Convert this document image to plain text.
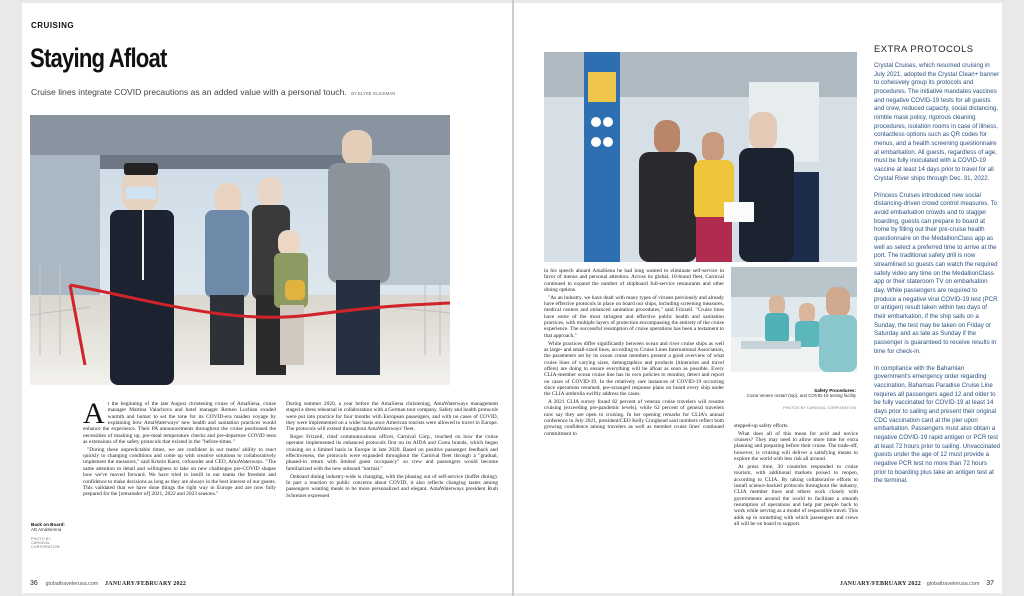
CRUISING
Staying Afloat
Cruise lines integrate COVID precautions as an added value with a personal touch. BY ELYSE GLICKMAN
Back on Board:
AD AmaSerena
PHOTO BY CARNIVAL CORPORATION

At the beginning of the late August christening cruise of AmaSiena, cruise manager Martina Valachova and hotel manager Romeo Luchian exuded warmth and humor to set the tone for its COVID-era maiden voyage by explaining how AmaWaterways' new health and sanitation practices would enhance the experience. Their PA announcements throughout the cruise positioned the necessities of masking up, pre-meal temperature checks and pre-departure COVID tests as extensions of the safety protocols that existed in the "before-times."

"During these unpredictable times, we are confident in our teams' ability to react quickly to changing conditions and come up with creative solutions to collaboratively implement the measures," said Kristin Karst, cofounder and CEO, AmaWaterways. "The same attention to detail and willingness to take on new challenges pre-COVID shapes how we've moved forward. We have tried to instill in our teams the freedom and confidence to make decisions as long as they are always in the best interest of our guests. This validated that we have done things the right way in Europe and are now fully prepared for the [remainder of] 2021, 2022 and 2023 seasons."

During summer 2020, a year before the AmaSiena christening, AmaWaterways management staged a dress rehearsal in collaboration with a German tour company. Safety and health protocols were put into practice for four months with European passengers, and with no cases of COVID, they were implemented on a wider basis once American tourists were allowed to travel to Europe. The protocols will extend throughout AmaWaterways' fleet.

Roger Frizzell, chief communications officer, Carnival Corp., touched on how the cruise operator implemented its enhanced protocols first on its AIDA and Costa brands, which began cruising on a limited basis in Europe in late 2020. Based on positive passenger feedback and effectiveness, the protocols were expanded throughout the Carnival fleet through a "gradual, phased-in return with limited guest occupancy" so crew and passengers would become familiarized with the new onboard "normal."

Onboard dining industry-wide is changing, with the phasing out of self-service (buffet dining). In part a reaction to public concerns about COVID, it also reflects changing tastes among passengers wanting meals to be more personalized and elegant. AmaWaterways president Rudi Schreiner expressed

36 globaltravelerusa.com JANUARY/FEBRUARY 2022
Safety Procedures:
Costa Venere restart (top), and COVID-19 testing facility
PHOTOS BY CARNIVAL CORPORATION

in his speech aboard AmaSiena he had long wanted to eliminate self-service in favor of menus and personal attention. Across its global, 10-brand fleet, Carnival continued to expand the number of shipboard full-service restaurants and other dining options.

"As an industry, we have dealt with many types of viruses previously and already have effective protocols in place on board our ships, including screening measures, medical centers and enhanced sanitation procedures," said Frizzell. "Cruise lines have some of the most stringent and effective public health and sanitation practices, with multiple layers of protection encompassing the entirety of the cruise experience. The successful resumption of cruise operations has been a testament to that approach."

While practices differ significantly between ocean and river cruise ships as well as large- and small-sized lines, according to Cruise Lines International Association, the parameters set by its ocean cruise members present a good overview of what cruise lines of varying sizes, demographics and products (itineraries and travel offers) are doing to ensure everything will be afloat as soon as possible. Every CLIA-member ocean cruise line has its own policies to monitor, detect and report on cases of COVID-19. In the relatively rare instances of COVID-19 occurring since operations resumed, pre-arranged response plans on board every ship under the CLIA umbrella swiftly address the cases.

A 2021 CLIA survey found 82 percent of veteran cruise travelers will resume cruising (exceeding pre-pandemic levels), while 62 percent of general travelers now say they are open to cruising. In her opening remarks for CLIA's annual conference in July 2021, president/CEO Kelly Craighead said numbers reflect both growing confidence among travelers as well as member cruise lines' continued commitment to

stepped-up safety efforts.

What does all of this mean for avid and novice cruisers? They may need to allow more time for extra planning and preparing before their cruise. The trade-off, however, is cruising will deliver a satisfying means to explore the world with less risk all around.

At press time, 30 countries responded to cruise tourism, with additional markets poised to reopen, according to CLIA. By taking collaborative efforts to install science-backed protocols throughout the industry, CLIA member lines and others work closely with governments around the world to facilitate a smooth resumption of operations and help put people back to work while serving as a model of responsible travel. This adds up to something with which passengers and crews all will be on board to support.

EXTRA PROTOCOLS

Crystal Cruises, which resumed cruising in July 2021, adopted the Crystal Clean+ banner to cohesively group its protocols and procedures. The initiative mandates vaccines and negative COVID-19 tests for all guests and crew, reduced capacity, social distancing, nimble mask policy, rigorous cleaning procedures, isolation rooms in case of illness, contactless options such as QR codes for menus, and a health screening questionnaire at embarkation. All guests, regardless of age, must be fully inoculated with a COVID-19 vaccine at least 14 days prior to travel for all Crystal River ships through Dec. 31, 2022.

Princess Cruises introduced new social distancing-driven crowd control measures. To avoid embarkation crowds and to stagger boarding, guests can prepare to board at home by filling out their pre-cruise health questionnaire on the MedallionClass app as well as select a preferred time to arrive at the port. The traditional safety drill is now streamlined so guests can watch the required safety video any time on the MedallionClass app or their stateroom TV on embarkation day. While passengers are required to produce a negative viral COVID-19 test (PCR or antigen) result taken within two days of their embarkation, if the ship sails on a Sunday, the test may be taken on Friday or Saturday and as late as Sunday if the passenger is guaranteed to receive results in time for check-in.

In compliance with the Bahamian government's emergency order regarding vaccination, Bahamas Paradise Cruise Line requires all passengers aged 12 and older to be fully vaccinated for COVID-19 at least 14 days prior to sailing and present their original CDC vaccination card at the pier upon embarkation. Passengers must also obtain a negative COVID-19 rapid antigen or PCR test at least 72 hours prior to sailing. Unvaccinated guests under the age of 12 must provide a negative PCR test no more than 72 hours prior to boarding plus take an antigen test at the terminal.

JANUARY/FEBRUARY 2022 globaltravelerusa.com 37
